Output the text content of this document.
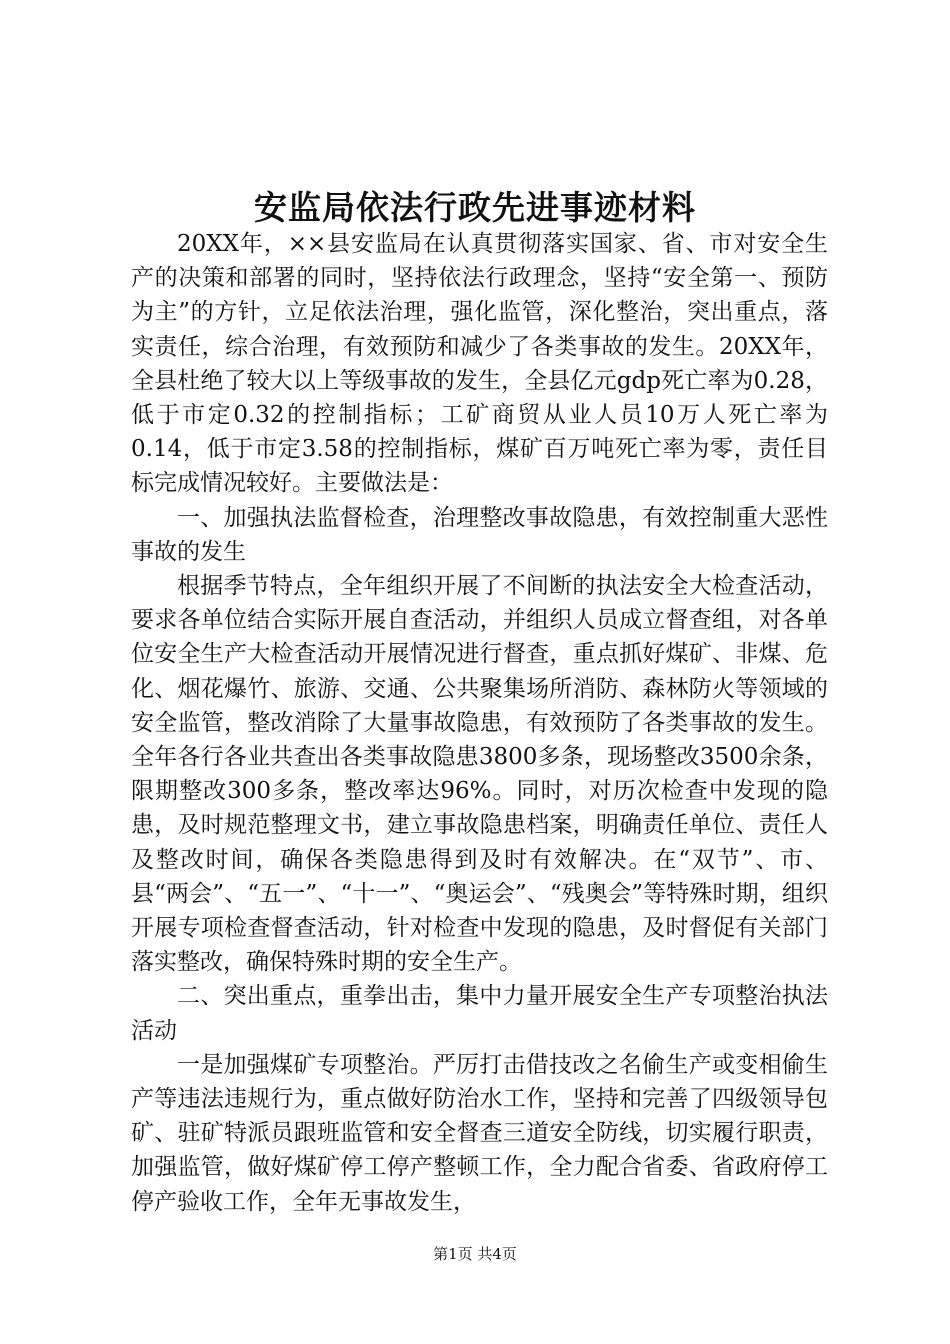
安监局依法行政先进事迹材料

20XX年，××县安监局在认真贯彻落实国家、省、市对安全生产的决策和部署的同时，坚持依法行政理念，坚持“安全第一、预防为主”的方针，立足依法治理，强化监管，深化整治，突出重点，落实责任，综合治理，有效预防和减少了各类事故的发生。20XX年，全县杜绝了较大以上等级事故的发生，全县亿元gdp死亡率为0.28，低于市定0.32的控制指标；工矿商贸从业人员10万人死亡率为0.14，低于市定3.58的控制指标，煤矿百万吨死亡率为零，责任目标完成情况较好。主要做法是：

一、加强执法监督检查，治理整改事故隐患，有效控制重大恶性事故的发生

根据季节特点，全年组织开展了不间断的执法安全大检查活动，要求各单位结合实际开展自查活动，并组织人员成立督查组，对各单位安全生产大检查活动开展情况进行督查，重点抓好煤矿、非煤、危化、烟花爆竹、旅游、交通、公共聚集场所消防、森林防火等领域的安全监管，整改消除了大量事故隐患，有效预防了各类事故的发生。全年各行各业共查出各类事故隐患3800多条，现场整改3500余条，限期整改300多条，整改率达96%。同时，对历次检查中发现的隐患，及时规范整理文书，建立事故隐患档案，明确责任单位、责任人及整改时间，确保各类隐患得到及时有效解决。在“双节”、市、县“两会”、“五一”、“十一”、“奥运会”、“残奥会”等特殊时期，组织开展专项检查督查活动，针对检查中发现的隐患，及时督促有关部门落实整改，确保特殊时期的安全生产。

二、突出重点，重拳出击，集中力量开展安全生产专项整治执法活动

一是加强煤矿专项整治。严厉打击借技改之名偷生产或变相偷生产等违法违规行为，重点做好防治水工作，坚持和完善了四级领导包矿、驻矿特派员跟班监管和安全督查三道安全防线，切实履行职责，加强监管，做好煤矿停工停产整顿工作，全力配合省委、省政府停工停产验收工作，全年无事故发生，

第1页 共4页
